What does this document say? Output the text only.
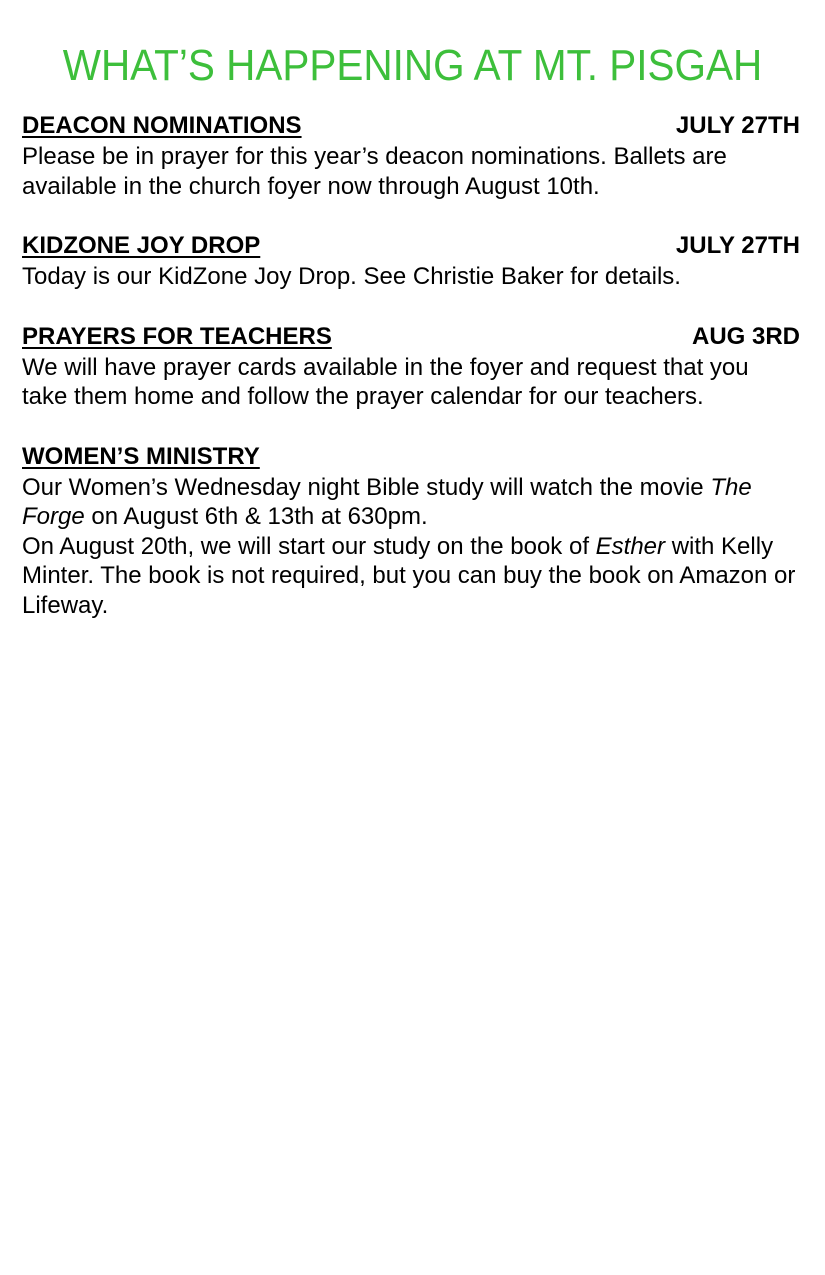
WHAT’S HAPPENING AT MT. PISGAH
DEACON NOMINATIONS	JULY 27TH

Please be in prayer for this year’s deacon nominations. Ballets are available in the church foyer now through August 10th.

KIDZONE JOY DROP	JULY 27TH

Today is our KidZone Joy Drop. See Christie Baker for details.

PRAYERS FOR TEACHERS	AUG 3RD

We will have prayer cards available in the foyer and request that you take them home and follow the prayer calendar for our teachers.

WOMEN’S MINISTRY

Our Women’s Wednesday night Bible study will watch the movie The Forge on August 6th & 13th at 630pm.

On August 20th, we will start our study on the book of Esther with Kelly Minter. The book is not required, but you can buy the book on Amazon or Lifeway.
